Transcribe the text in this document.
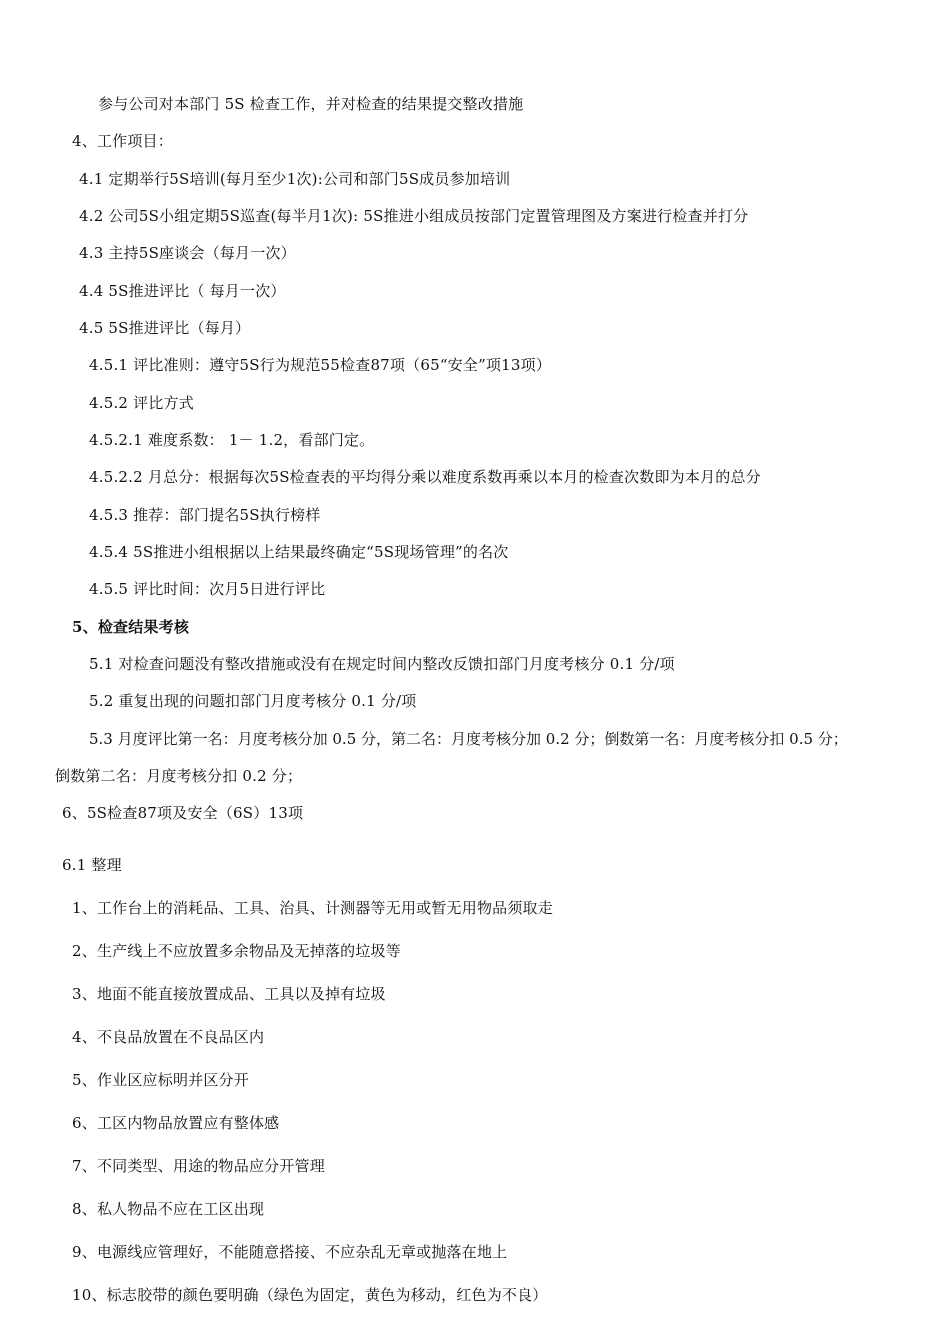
参与公司对本部门 5S 检查工作，并对检查的结果提交整改措施
4、工作项目：
4.1 定期举行5S培训(每月至少1次):公司和部门5S成员参加培训
4.2 公司5S小组定期5S巡查(每半月1次): 5S推进小组成员按部门定置管理图及方案进行检查并打分
4.3 主持5S座谈会（每月一次）
4.4 5S推进评比（ 每月一次）
4.5 5S推进评比（每月）
4.5.1 评比准则：遵守5S行为规范55检查87项（65“安全”项13项）
4.5.2 评比方式
4.5.2.1 难度系数： 1－ 1.2，看部门定。
4.5.2.2 月总分：根据每次5S检查表的平均得分乘以难度系数再乘以本月的检查次数即为本月的总分
4.5.3 推荐：部门提名5S执行榜样
4.5.4 5S推进小组根据以上结果最终确定“5S现场管理”的名次
4.5.5 评比时间：次月5日进行评比
5、检查结果考核
5.1 对检查问题没有整改措施或没有在规定时间内整改反馈扣部门月度考核分 0.1 分/项
5.2 重复出现的问题扣部门月度考核分 0.1 分/项
5.3 月度评比第一名：月度考核分加 0.5 分，第二名：月度考核分加 0.2 分；倒数第一名：月度考核分扣 0.5 分；
倒数第二名：月度考核分扣 0.2 分；
6、5S检查87项及安全（6S）13项
6.1 整理
1、工作台上的消耗品、工具、治具、计测器等无用或暂无用物品须取走
2、生产线上不应放置多余物品及无掉落的垃圾等
3、地面不能直接放置成品、工具以及掉有垃圾
4、不良品放置在不良品区内
5、作业区应标明并区分开
6、工区内物品放置应有整体感
7、不同类型、用途的物品应分开管理
8、私人物品不应在工区出现
9、电源线应管理好，不能随意搭接、不应杂乱无章或抛落在地上
10、标志胶带的颜色要明确（绿色为固定，黄色为移动，红色为不良）
